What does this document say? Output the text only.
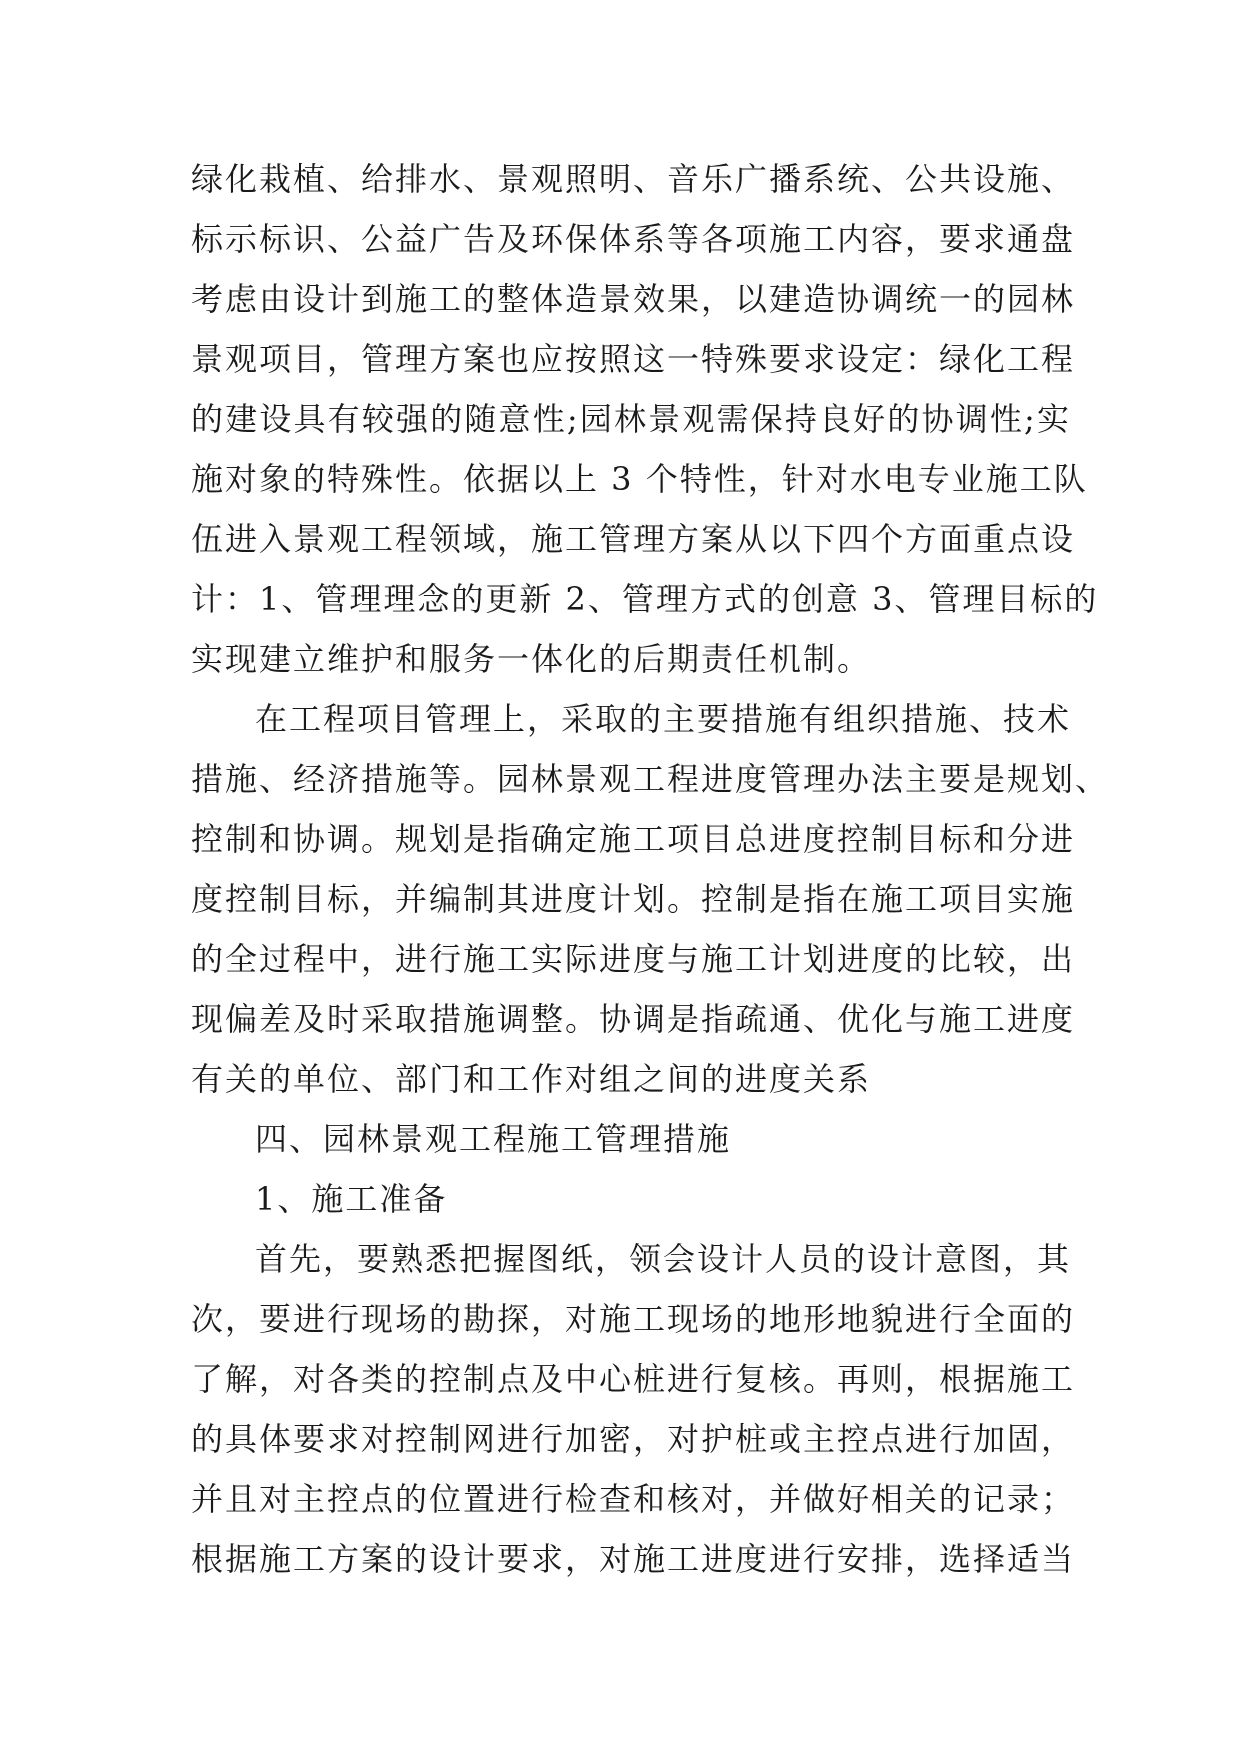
绿化栽植、给排水、景观照明、音乐广播系统、公共设施、
标示标识、公益广告及环保体系等各项施工内容，要求通盘
考虑由设计到施工的整体造景效果，以建造协调统一的园林
景观项目，管理方案也应按照这一特殊要求设定：绿化工程
的建设具有较强的随意性;园林景观需保持良好的协调性;实
施对象的特殊性。依据以上 3 个特性，针对水电专业施工队
伍进入景观工程领域，施工管理方案从以下四个方面重点设
计：1、管理理念的更新 2、管理方式的创意 3、管理目标的
实现建立维护和服务一体化的后期责任机制。
在工程项目管理上，采取的主要措施有组织措施、技术
措施、经济措施等。园林景观工程进度管理办法主要是规划、
控制和协调。规划是指确定施工项目总进度控制目标和分进
度控制目标，并编制其进度计划。控制是指在施工项目实施
的全过程中，进行施工实际进度与施工计划进度的比较，出
现偏差及时采取措施调整。协调是指疏通、优化与施工进度
有关的单位、部门和工作对组之间的进度关系
四、园林景观工程施工管理措施
1、施工准备
首先，要熟悉把握图纸，领会设计人员的设计意图，其
次，要进行现场的勘探，对施工现场的地形地貌进行全面的
了解，对各类的控制点及中心桩进行复核。再则，根据施工
的具体要求对控制网进行加密，对护桩或主控点进行加固，
并且对主控点的位置进行检查和核对，并做好相关的记录；
根据施工方案的设计要求，对施工进度进行安排，选择适当
